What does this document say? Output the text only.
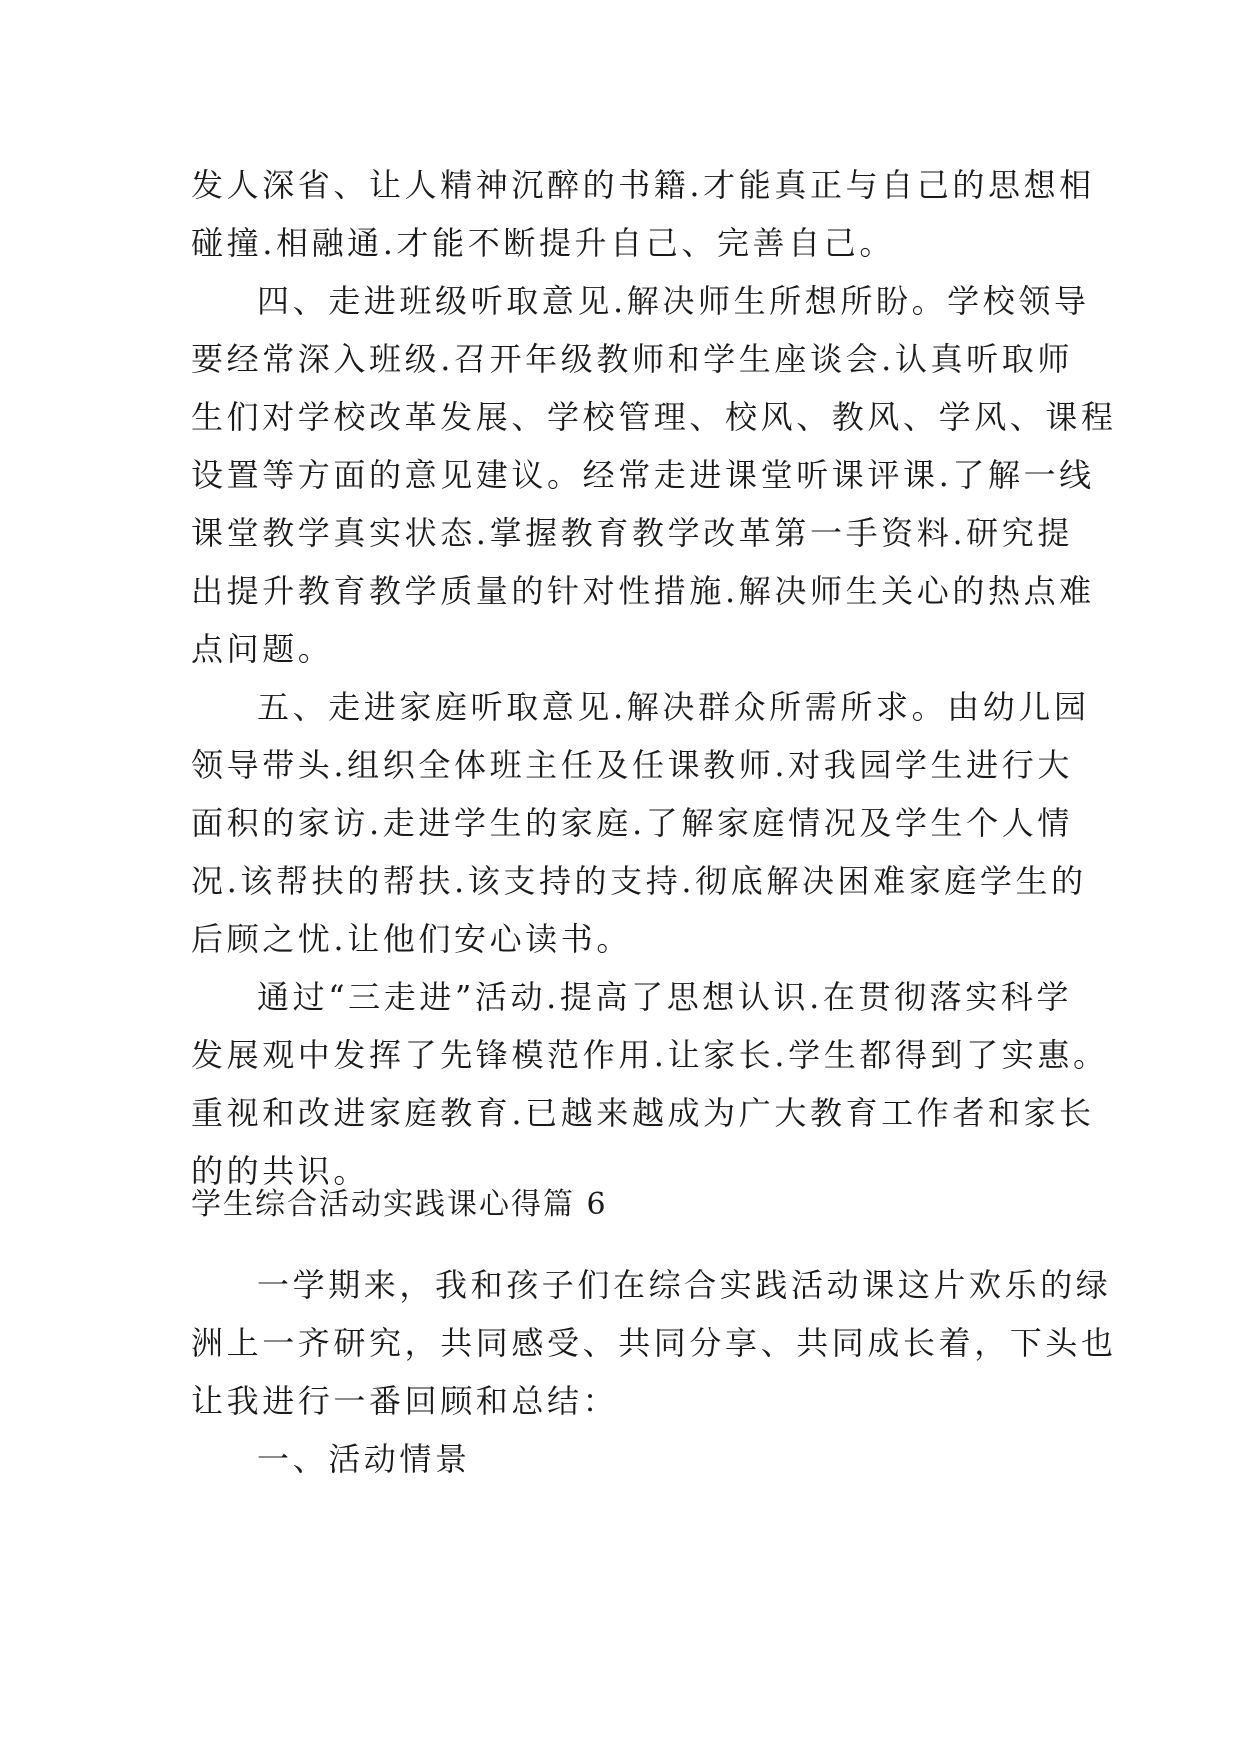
发人深省、让人精神沉醉的书籍.才能真正与自己的思想相
碰撞.相融通.才能不断提升自己、完善自己。
四、走进班级听取意见.解决师生所想所盼。学校领导
要经常深入班级.召开年级教师和学生座谈会.认真听取师
生们对学校改革发展、学校管理、校风、教风、学风、课程
设置等方面的意见建议。经常走进课堂听课评课.了解一线
课堂教学真实状态.掌握教育教学改革第一手资料.研究提
出提升教育教学质量的针对性措施.解决师生关心的热点难
点问题。
五、走进家庭听取意见.解决群众所需所求。由幼儿园
领导带头.组织全体班主任及任课教师.对我园学生进行大
面积的家访.走进学生的家庭.了解家庭情况及学生个人情
况.该帮扶的帮扶.该支持的支持.彻底解决困难家庭学生的
后顾之忧.让他们安心读书。
通过“三走进”活动.提高了思想认识.在贯彻落实科学
发展观中发挥了先锋模范作用.让家长.学生都得到了实惠。
重视和改进家庭教育.已越来越成为广大教育工作者和家长
的的共识。
学生综合活动实践课心得篇 6
一学期来，我和孩子们在综合实践活动课这片欢乐的绿
洲上一齐研究，共同感受、共同分享、共同成长着，下头也
让我进行一番回顾和总结：
一、活动情景
